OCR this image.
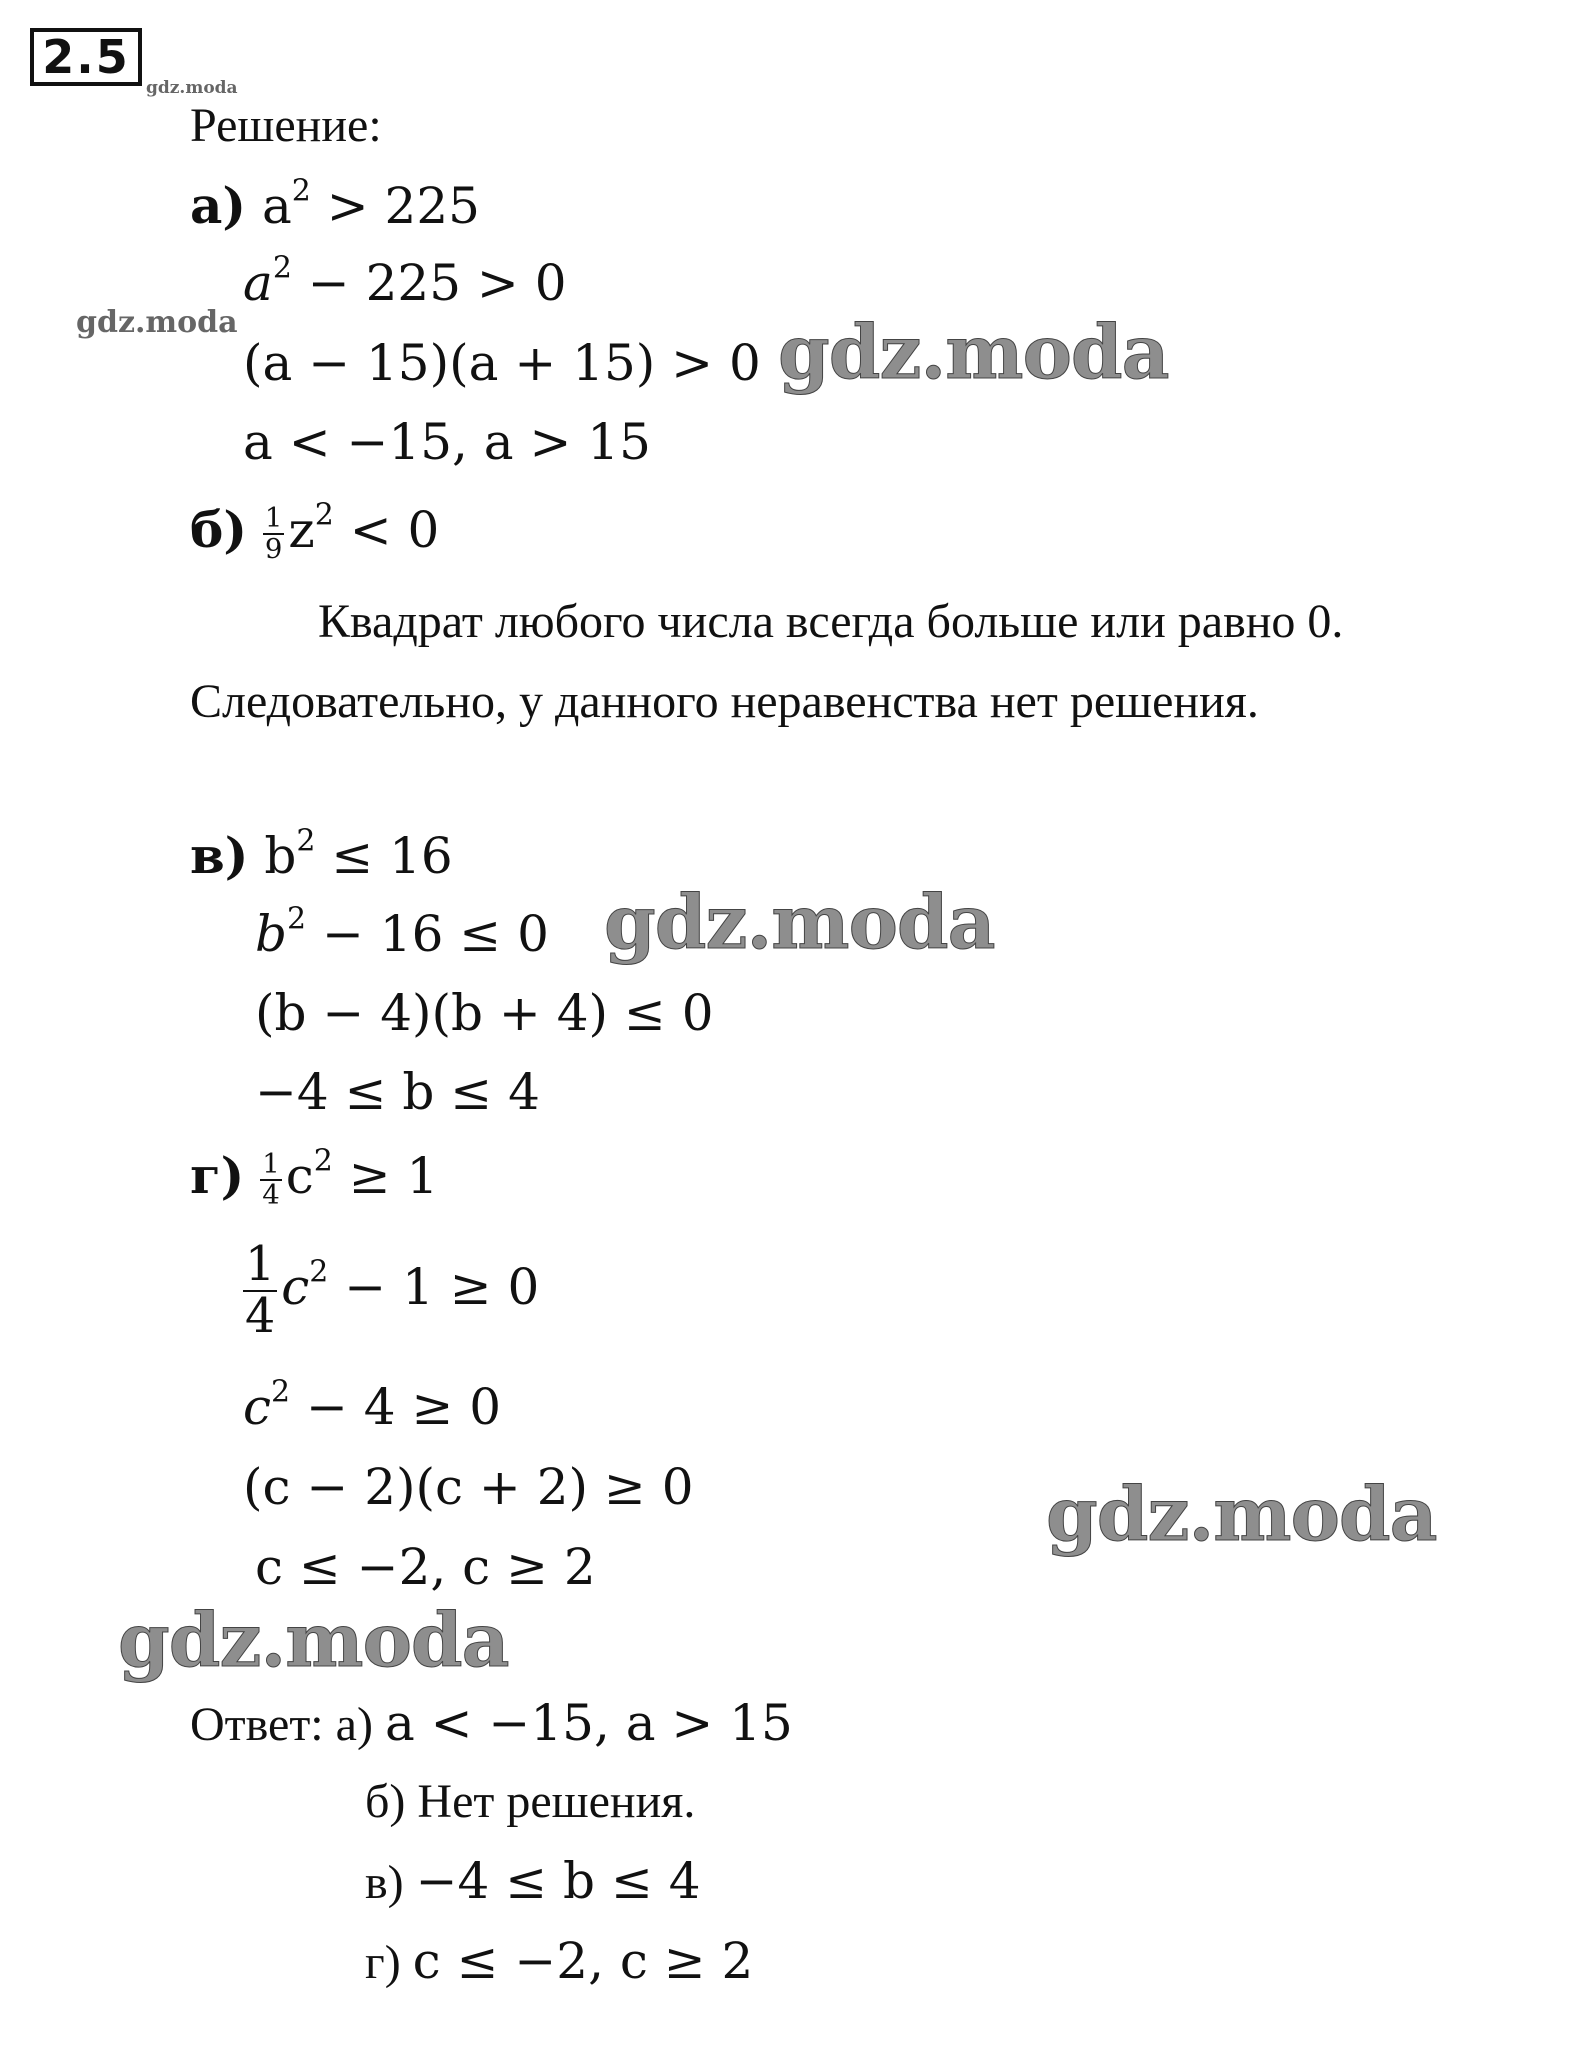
2.5
gdz.moda
Решение:
а) $a^2 > 225$
$a^2 - 225 > 0$
gdz.moda
(a − 15)(a + 15) > 0 gdz.moda
a < −15, a > 15
$б) \frac{1}{9} z^2 < 0$
Квадрат любого числа всегда больше или равно 0.
Следовательно, у данного неравенства нет решения.
в) $b^2 \le 16$
$b^2 - 16 \le 0$ gdz.moda
(b − 4)(b + 4) ≤ 0
−4 ≤ b ≤ 4
$г) \frac{1}{4} c^2 \ge 1$
$\frac{1}{4} c^2 - 1 \ge 0$
$c^2 - 4 \ge 0$
(c − 2)(c + 2) ≥ 0	gdz.moda
c ≤ −2, c ≥ 2
gdz.moda
Ответ: а) a < −15, a > 15
б) Нет решения.
в) −4 ≤ b ≤ 4
г) c ≤ −2, c ≥ 2
